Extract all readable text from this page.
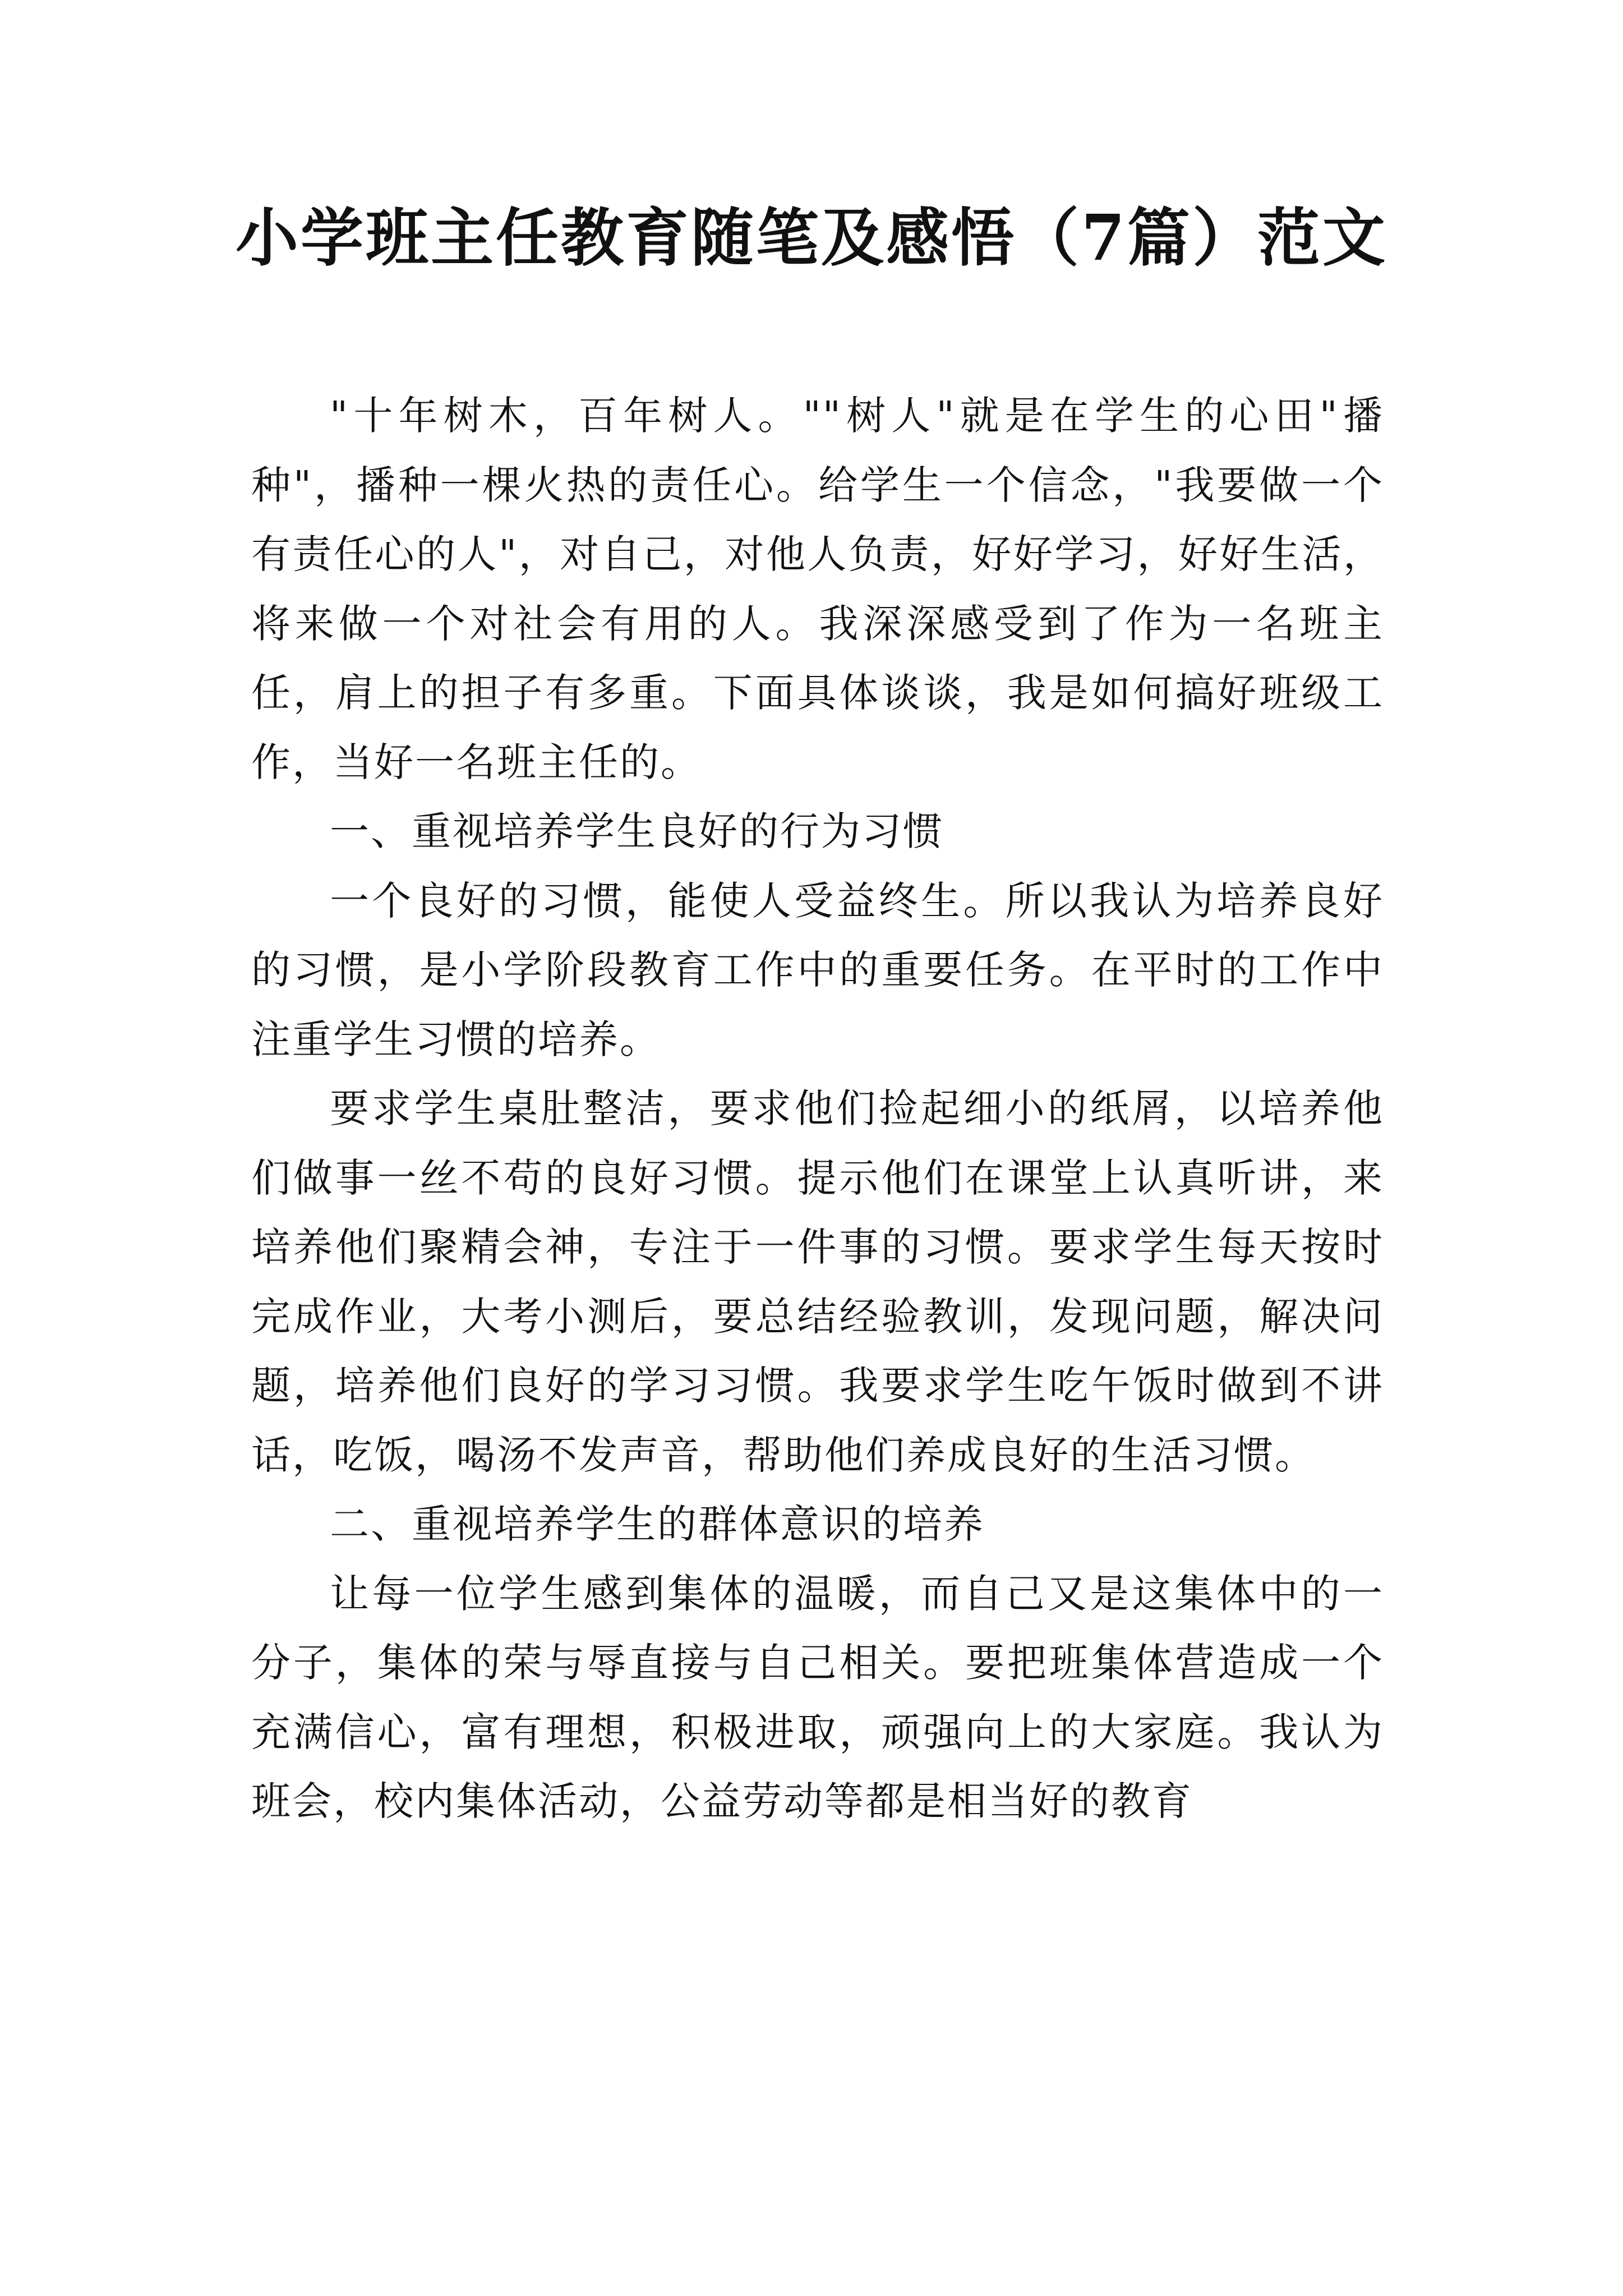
小学班主任教育随笔及感悟（7篇）范文

"十年树木，百年树人。""树人"就是在学生的心田"播种"，播种一棵火热的责任心。给学生一个信念，"我要做一个有责任心的人"，对自己，对他人负责，好好学习，好好生活，将来做一个对社会有用的人。我深深感受到了作为一名班主任，肩上的担子有多重。下面具体谈谈，我是如何搞好班级工作，当好一名班主任的。

一、重视培养学生良好的行为习惯

一个良好的习惯，能使人受益终生。所以我认为培养良好的习惯，是小学阶段教育工作中的重要任务。在平时的工作中注重学生习惯的培养。

要求学生桌肚整洁，要求他们捡起细小的纸屑，以培养他们做事一丝不苟的良好习惯。提示他们在课堂上认真听讲，来培养他们聚精会神，专注于一件事的习惯。要求学生每天按时完成作业，大考小测后，要总结经验教训，发现问题，解决问题，培养他们良好的学习习惯。我要求学生吃午饭时做到不讲话，吃饭，喝汤不发声音，帮助他们养成良好的生活习惯。

二、重视培养学生的群体意识的培养

让每一位学生感到集体的温暖，而自己又是这集体中的一分子，集体的荣与辱直接与自己相关。要把班集体营造成一个充满信心，富有理想，积极进取，顽强向上的大家庭。我认为班会，校内集体活动，公益劳动等都是相当好的教育
